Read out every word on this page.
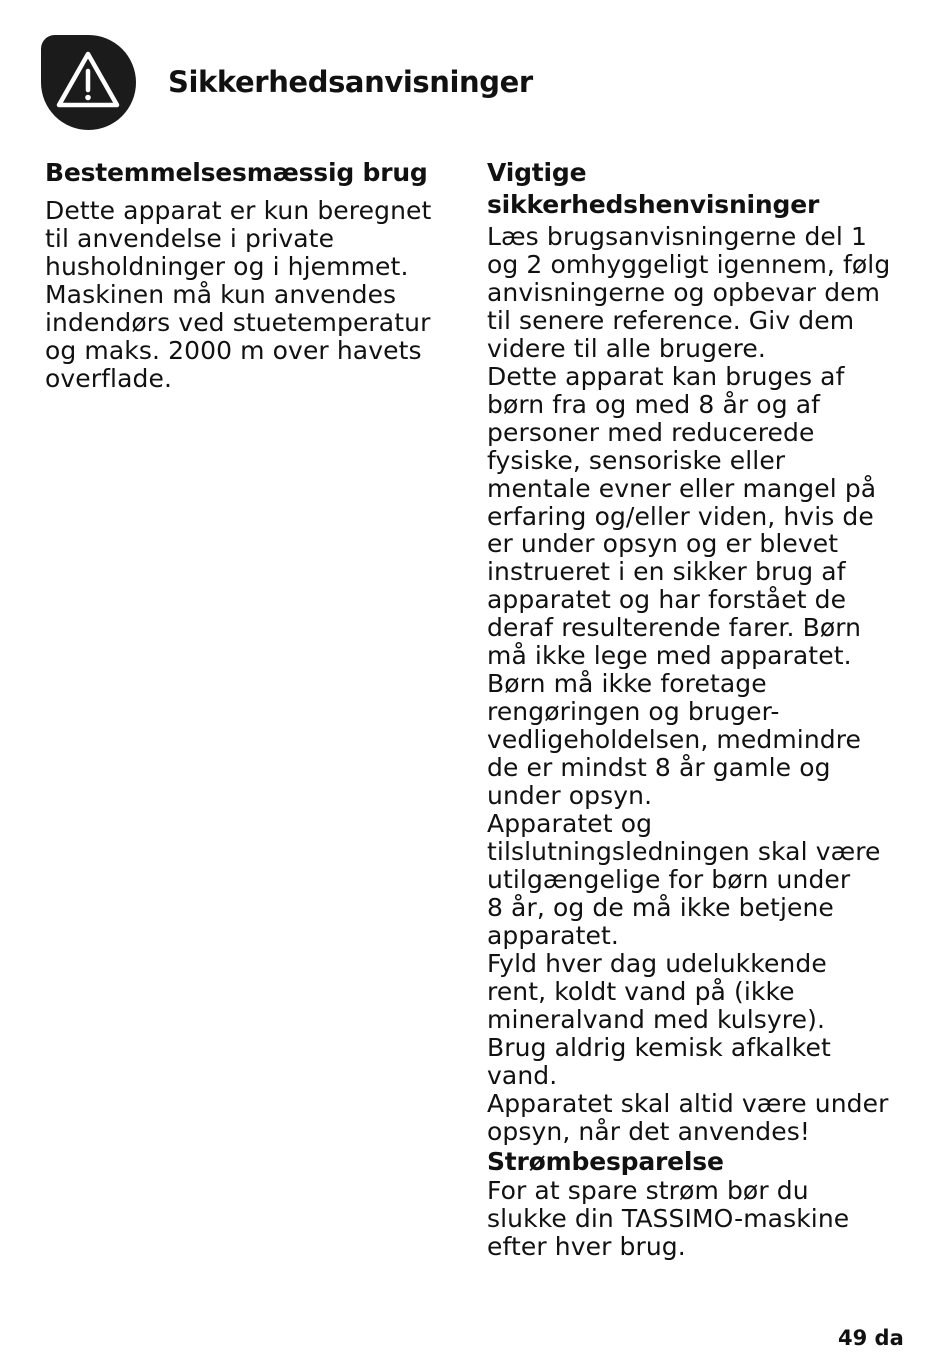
Sikkerhedsanvisninger
Bestemmelsesmæssig brug
Dette apparat er kun beregnet
til anvendelse i private
husholdninger og i hjemmet.
Maskinen må kun anvendes
indendørs ved stuetemperatur
og maks. 2000 m over havets
overflade.
Vigtige
sikkerhedshenvisninger
Læs brugsanvisningerne del 1
og 2 omhyggeligt igennem, følg
anvisningerne og opbevar dem
til senere reference. Giv dem
videre til alle brugere.
Dette apparat kan bruges af
børn fra og med 8 år og af
personer med reducerede
fysiske, sensoriske eller
mentale evner eller mangel på
erfaring og/eller viden, hvis de
er under opsyn og er blevet
instrueret i en sikker brug af
apparatet og har forstået de
deraf resulterende farer. Børn
må ikke lege med apparatet.
Børn må ikke foretage
rengøringen og bruger-
vedligeholdelsen, medmindre
de er mindst 8 år gamle og
under opsyn.
Apparatet og
tilslutningsledningen skal være
utilgængelige for børn under
8 år, og de må ikke betjene
apparatet.
Fyld hver dag udelukkende
rent, koldt vand på (ikke
mineralvand med kulsyre).
Brug aldrig kemisk afkalket
vand.
Apparatet skal altid være under
opsyn, når det anvendes!
Strømbesparelse
For at spare strøm bør du
slukke din TASSIMO-maskine
efter hver brug.
49 da
